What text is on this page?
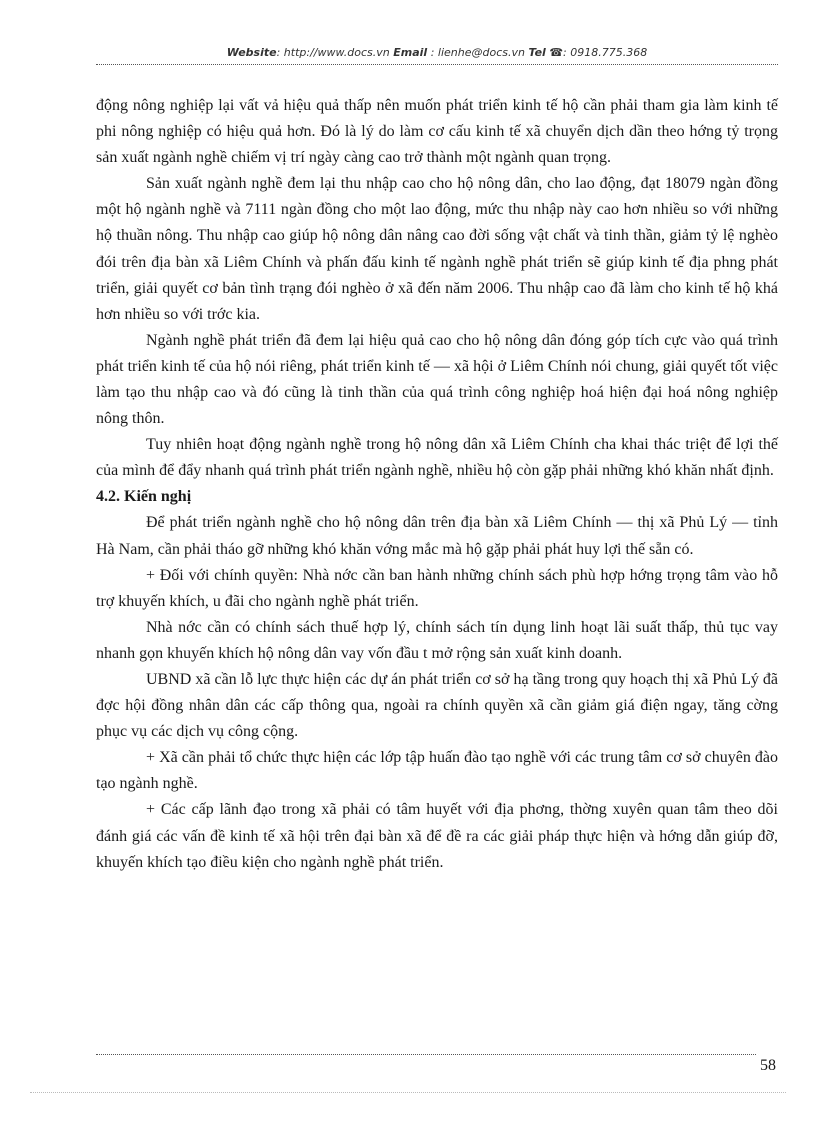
Website: http://www.docs.vn Email : lienhe@docs.vn Tel ☎: 0918.775.368

động nông nghiệp lại vất vả hiệu quả thấp nên muốn phát triển kinh tế hộ cần phải tham gia làm kinh tế phi nông nghiệp có hiệu quả hơn. Đó là lý do làm cơ cấu kinh tế xã chuyển dịch dần theo hớng tỷ trọng sản xuất ngành nghề chiếm vị trí ngày càng cao trở thành một ngành quan trọng.

Sản xuất ngành nghề đem lại thu nhập cao cho hộ nông dân, cho lao động, đạt 18079 ngàn đồng một hộ ngành nghề và 7111 ngàn đồng cho một lao động, mức thu nhập này cao hơn nhiều so với những hộ thuần nông. Thu nhập cao giúp hộ nông dân nâng cao đời sống vật chất và tinh thần, giảm tỷ lệ nghèo đói trên địa bàn xã Liêm Chính và phấn đấu kinh tế ngành nghề phát triển sẽ giúp kinh tế địa phng phát triển, giải quyết cơ bản tình trạng đói nghèo ở xã đến năm 2006. Thu nhập cao đã làm cho kinh tế hộ khá hơn nhiều so với trớc kia.

Ngành nghề phát triển đã đem lại hiệu quả cao cho hộ nông dân đóng góp tích cực vào quá trình phát triển kinh tế của hộ nói riêng, phát triển kinh tế — xã hội ở Liêm Chính nói chung, giải quyết tốt việc làm tạo thu nhập cao và đó cũng là tinh thần của quá trình công nghiệp hoá hiện đại hoá nông nghiệp nông thôn.

Tuy nhiên hoạt động ngành nghề trong hộ nông dân xã Liêm Chính cha khai thác triệt để lợi thế của mình để đẩy nhanh quá trình phát triển ngành nghề, nhiều hộ còn gặp phải những khó khăn nhất định.

4.2. Kiến nghị

Để phát triển ngành nghề cho hộ nông dân trên địa bàn xã Liêm Chính — thị xã Phủ Lý — tỉnh Hà Nam, cần phải tháo gỡ những khó khăn vớng mắc mà hộ gặp phải phát huy lợi thế sẵn có.

+ Đối với chính quyền: Nhà nớc cần ban hành những chính sách phù hợp hớng trọng tâm vào hỗ trợ khuyến khích, u đãi cho ngành nghề phát triển.

Nhà nớc cần có chính sách thuế hợp lý, chính sách tín dụng linh hoạt lãi suất thấp, thủ tục vay nhanh gọn khuyến khích hộ nông dân vay vốn đầu t mở rộng sản xuất kinh doanh.

UBND xã cần lỗ lực thực hiện các dự án phát triển cơ sở hạ tầng trong quy hoạch thị xã Phủ Lý đã đợc hội đồng nhân dân các cấp thông qua, ngoài ra chính quyền xã cần giảm giá điện ngay, tăng cờng phục vụ các dịch vụ công cộng.

+ Xã cần phải tổ chức thực hiện các lớp tập huấn đào tạo nghề với các trung tâm cơ sở chuyên đào tạo ngành nghề.

+ Các cấp lãnh đạo trong xã phải có tâm huyết với địa phơng, thờng xuyên quan tâm theo dõi đánh giá các vấn đề kinh tế xã hội trên đại bàn xã để đề ra các giải pháp thực hiện và hớng dẫn giúp đỡ, khuyến khích tạo điều kiện cho ngành nghề phát triển.

58
